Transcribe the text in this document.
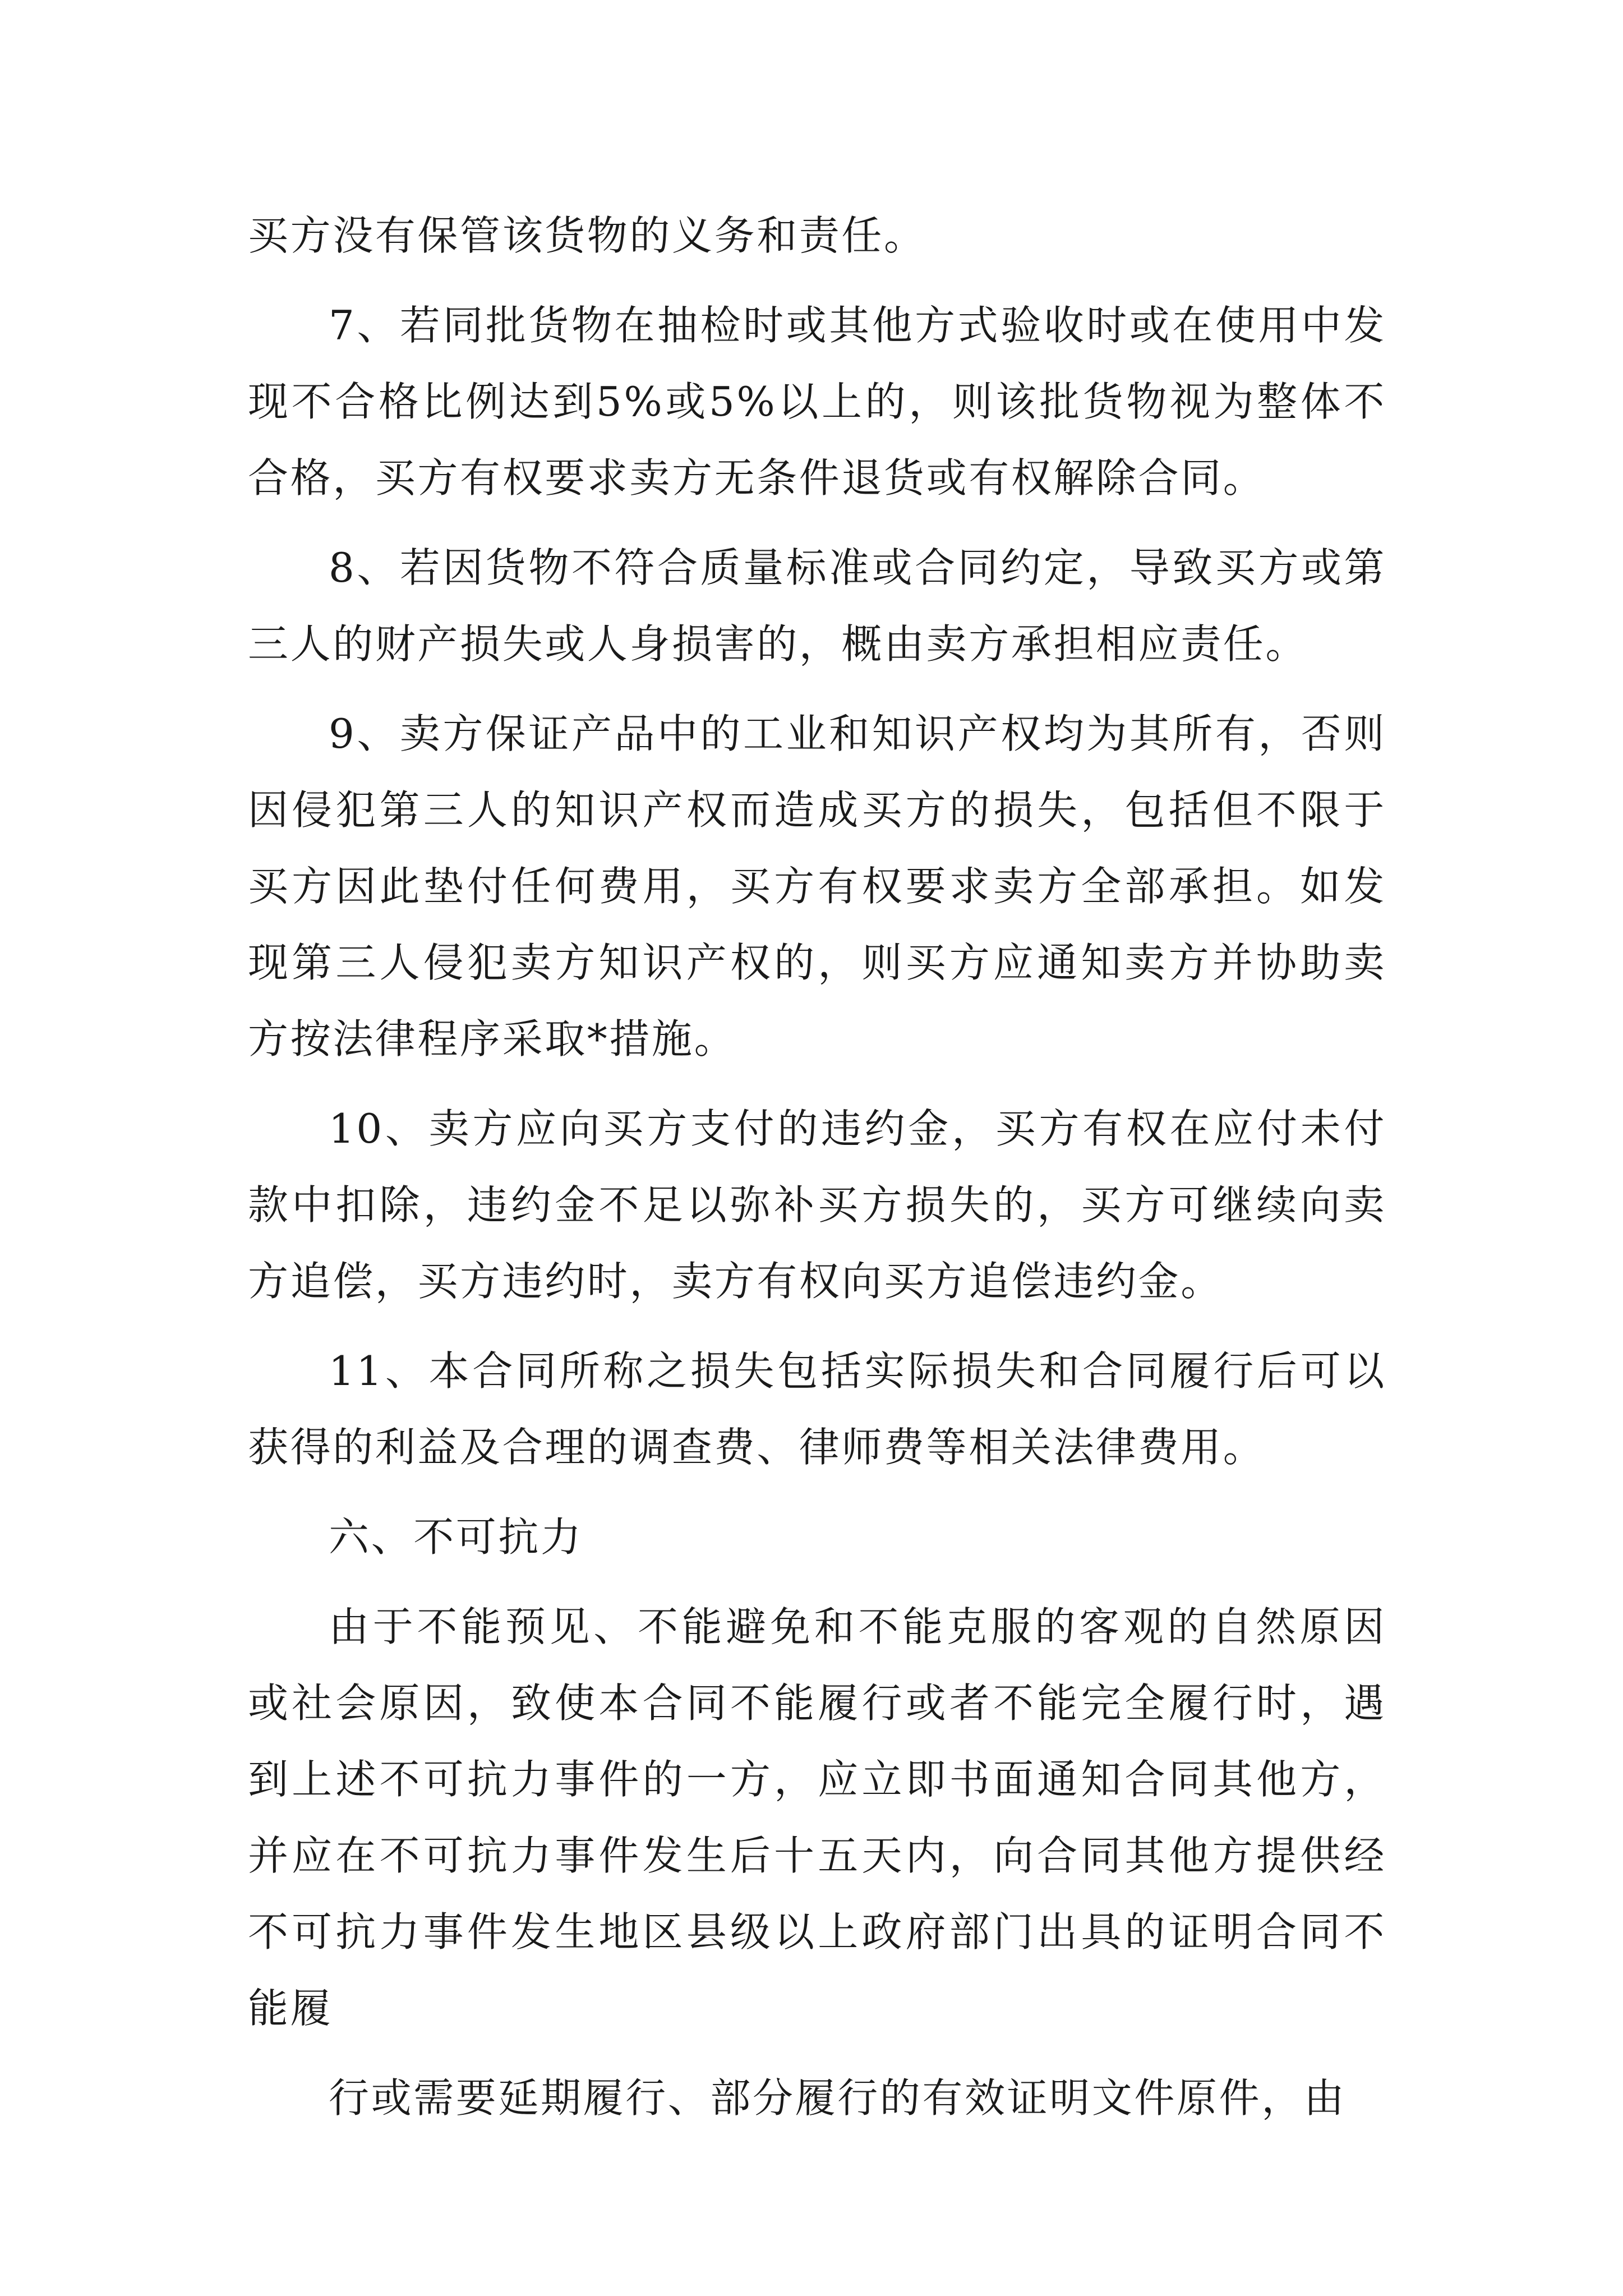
买方没有保管该货物的义务和责任。

7、若同批货物在抽检时或其他方式验收时或在使用中发现不合格比例达到5%或5%以上的，则该批货物视为整体不合格，买方有权要求卖方无条件退货或有权解除合同。

8、若因货物不符合质量标准或合同约定，导致买方或第三人的财产损失或人身损害的，概由卖方承担相应责任。

9、卖方保证产品中的工业和知识产权均为其所有，否则因侵犯第三人的知识产权而造成买方的损失，包括但不限于买方因此垫付任何费用，买方有权要求卖方全部承担。如发现第三人侵犯卖方知识产权的，则买方应通知卖方并协助卖方按法律程序采取*措施。

10、卖方应向买方支付的违约金，买方有权在应付未付款中扣除，违约金不足以弥补买方损失的，买方可继续向卖方追偿，买方违约时，卖方有权向买方追偿违约金。

11、本合同所称之损失包括实际损失和合同履行后可以获得的利益及合理的调查费、律师费等相关法律费用。

六、不可抗力

由于不能预见、不能避免和不能克服的客观的自然原因或社会原因，致使本合同不能履行或者不能完全履行时，遇到上述不可抗力事件的一方，应立即书面通知合同其他方，并应在不可抗力事件发生后十五天内，向合同其他方提供经不可抗力事件发生地区县级以上政府部门出具的证明合同不能履

行或需要延期履行、部分履行的有效证明文件原件，由
